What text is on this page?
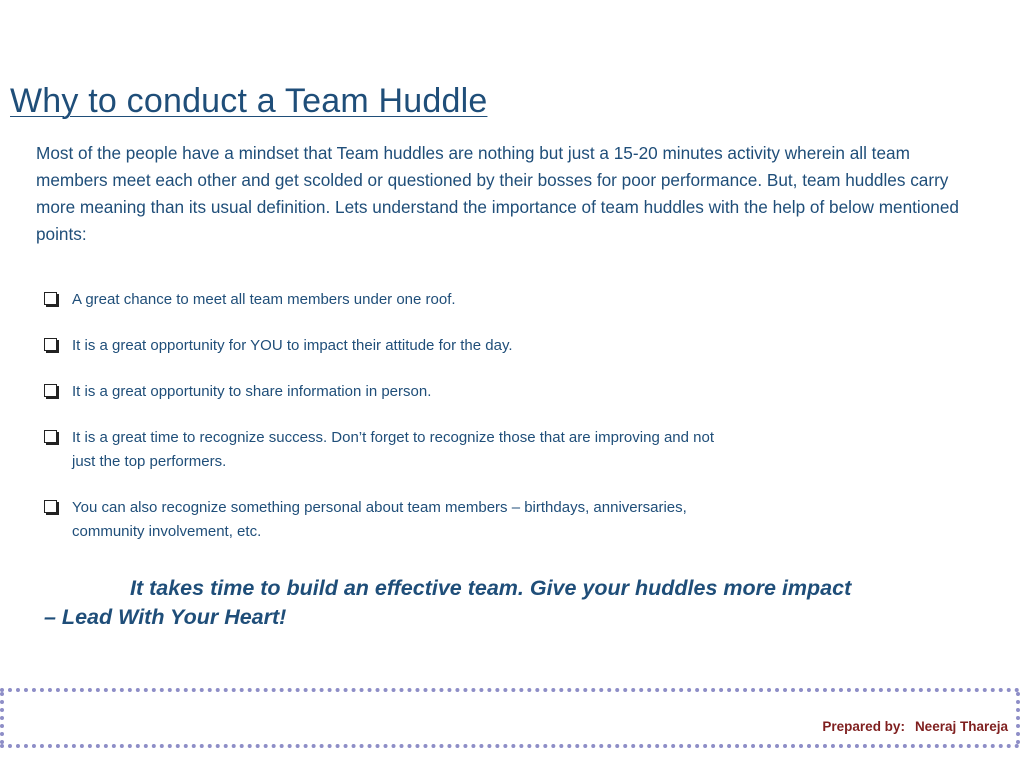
Why to conduct a Team Huddle
Most of the people have a mindset that Team huddles are nothing but just a 15-20 minutes activity wherein all team members meet each other and get scolded or questioned by their bosses for poor performance. But, team huddles carry more meaning than its usual definition. Lets understand the importance of team huddles with the help of below mentioned points:
A great chance to meet all team members under one roof.
It is a great opportunity for YOU to impact their attitude for the day.
It is a great opportunity to share information in person.
It is a great time to recognize success. Don’t forget to recognize those that are improving and not just the top performers.
You can also recognize something personal about team members – birthdays, anniversaries, community involvement, etc.
It takes time to build an effective team. Give your huddles more impact
– Lead With Your Heart!
Prepared by: Neeraj Thareja
